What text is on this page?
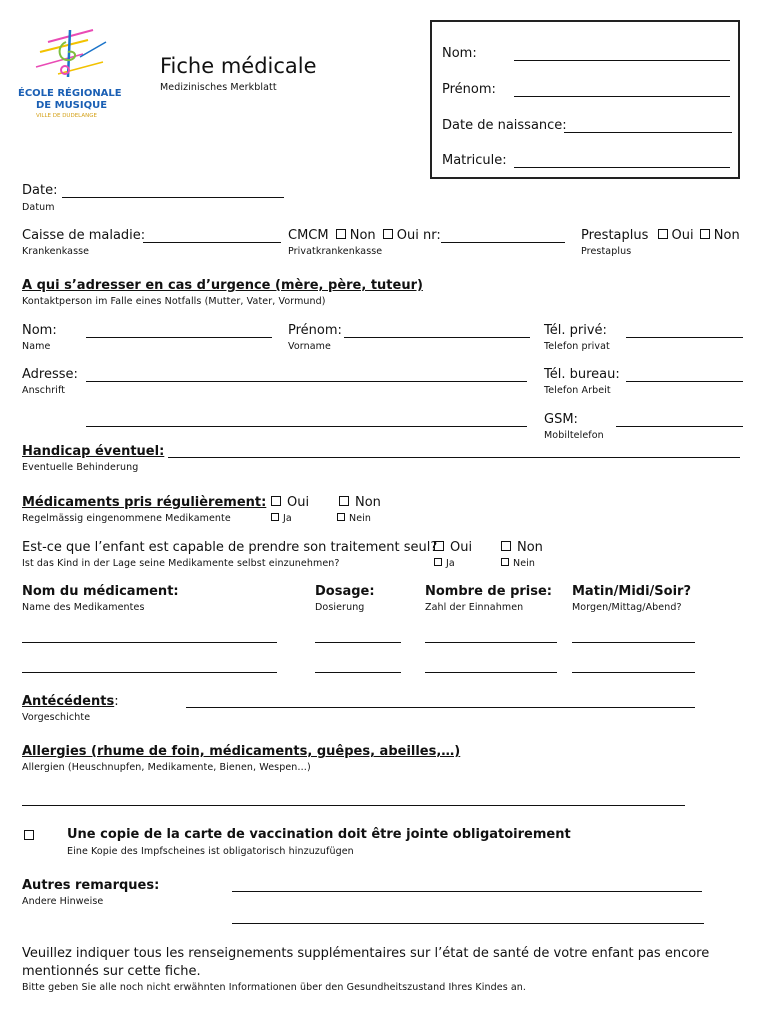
ÉCOLE RÉGIONALE
DE MUSIQUE
VILLE DE DUDELANGE
Fiche médicale
Medizinisches Merkblatt
Nom:
Prénom:
Date de naissance:
Matricule:
Date:
Datum
Caisse de maladie:
Krankenkasse
CMCM Non Oui nr:
Privatkrankenkasse
Prestaplus Oui Non
Prestaplus
A qui s’adresser en cas d’urgence (mère, père, tuteur)
Kontaktperson im Falle eines Notfalls (Mutter, Vater, Vormund)
Nom:
Name
Prénom:
Vorname
Tél. privé:
Telefon privat
Adresse:
Anschrift
Tél. bureau:
Telefon Arbeit
GSM:
Mobiltelefon
Handicap éventuel:
Eventuelle Behinderung
Médicaments pris régulièrement:
Regelmässig eingenommene Medikamente
Oui	Non
Ja	Nein
Est-ce que l’enfant est capable de prendre son traitement seul?
Ist das Kind in der Lage seine Medikamente selbst einzunehmen?
Oui	Non
Ja	Nein
Nom du médicament:
Name des Medikamentes
Dosage:
Dosierung
Nombre de prise:
Zahl der Einnahmen
Matin/Midi/Soir?
Morgen/Mittag/Abend?
Antécédents:
Vorgeschichte
Allergies (rhume de foin, médicaments, guêpes, abeilles,…)
Allergien (Heuschnupfen, Medikamente, Bienen, Wespen…)
Une copie de la carte de vaccination doit être jointe obligatoirement
Eine Kopie des Impfscheines ist obligatorisch hinzuzufügen
Autres remarques:
Andere Hinweise
Veuillez indiquer tous les renseignements supplémentaires sur l’état de santé de votre enfant pas encore
mentionnés sur cette fiche.
Bitte geben Sie alle noch nicht erwähnten Informationen über den Gesundheitszustand Ihres Kindes an.
